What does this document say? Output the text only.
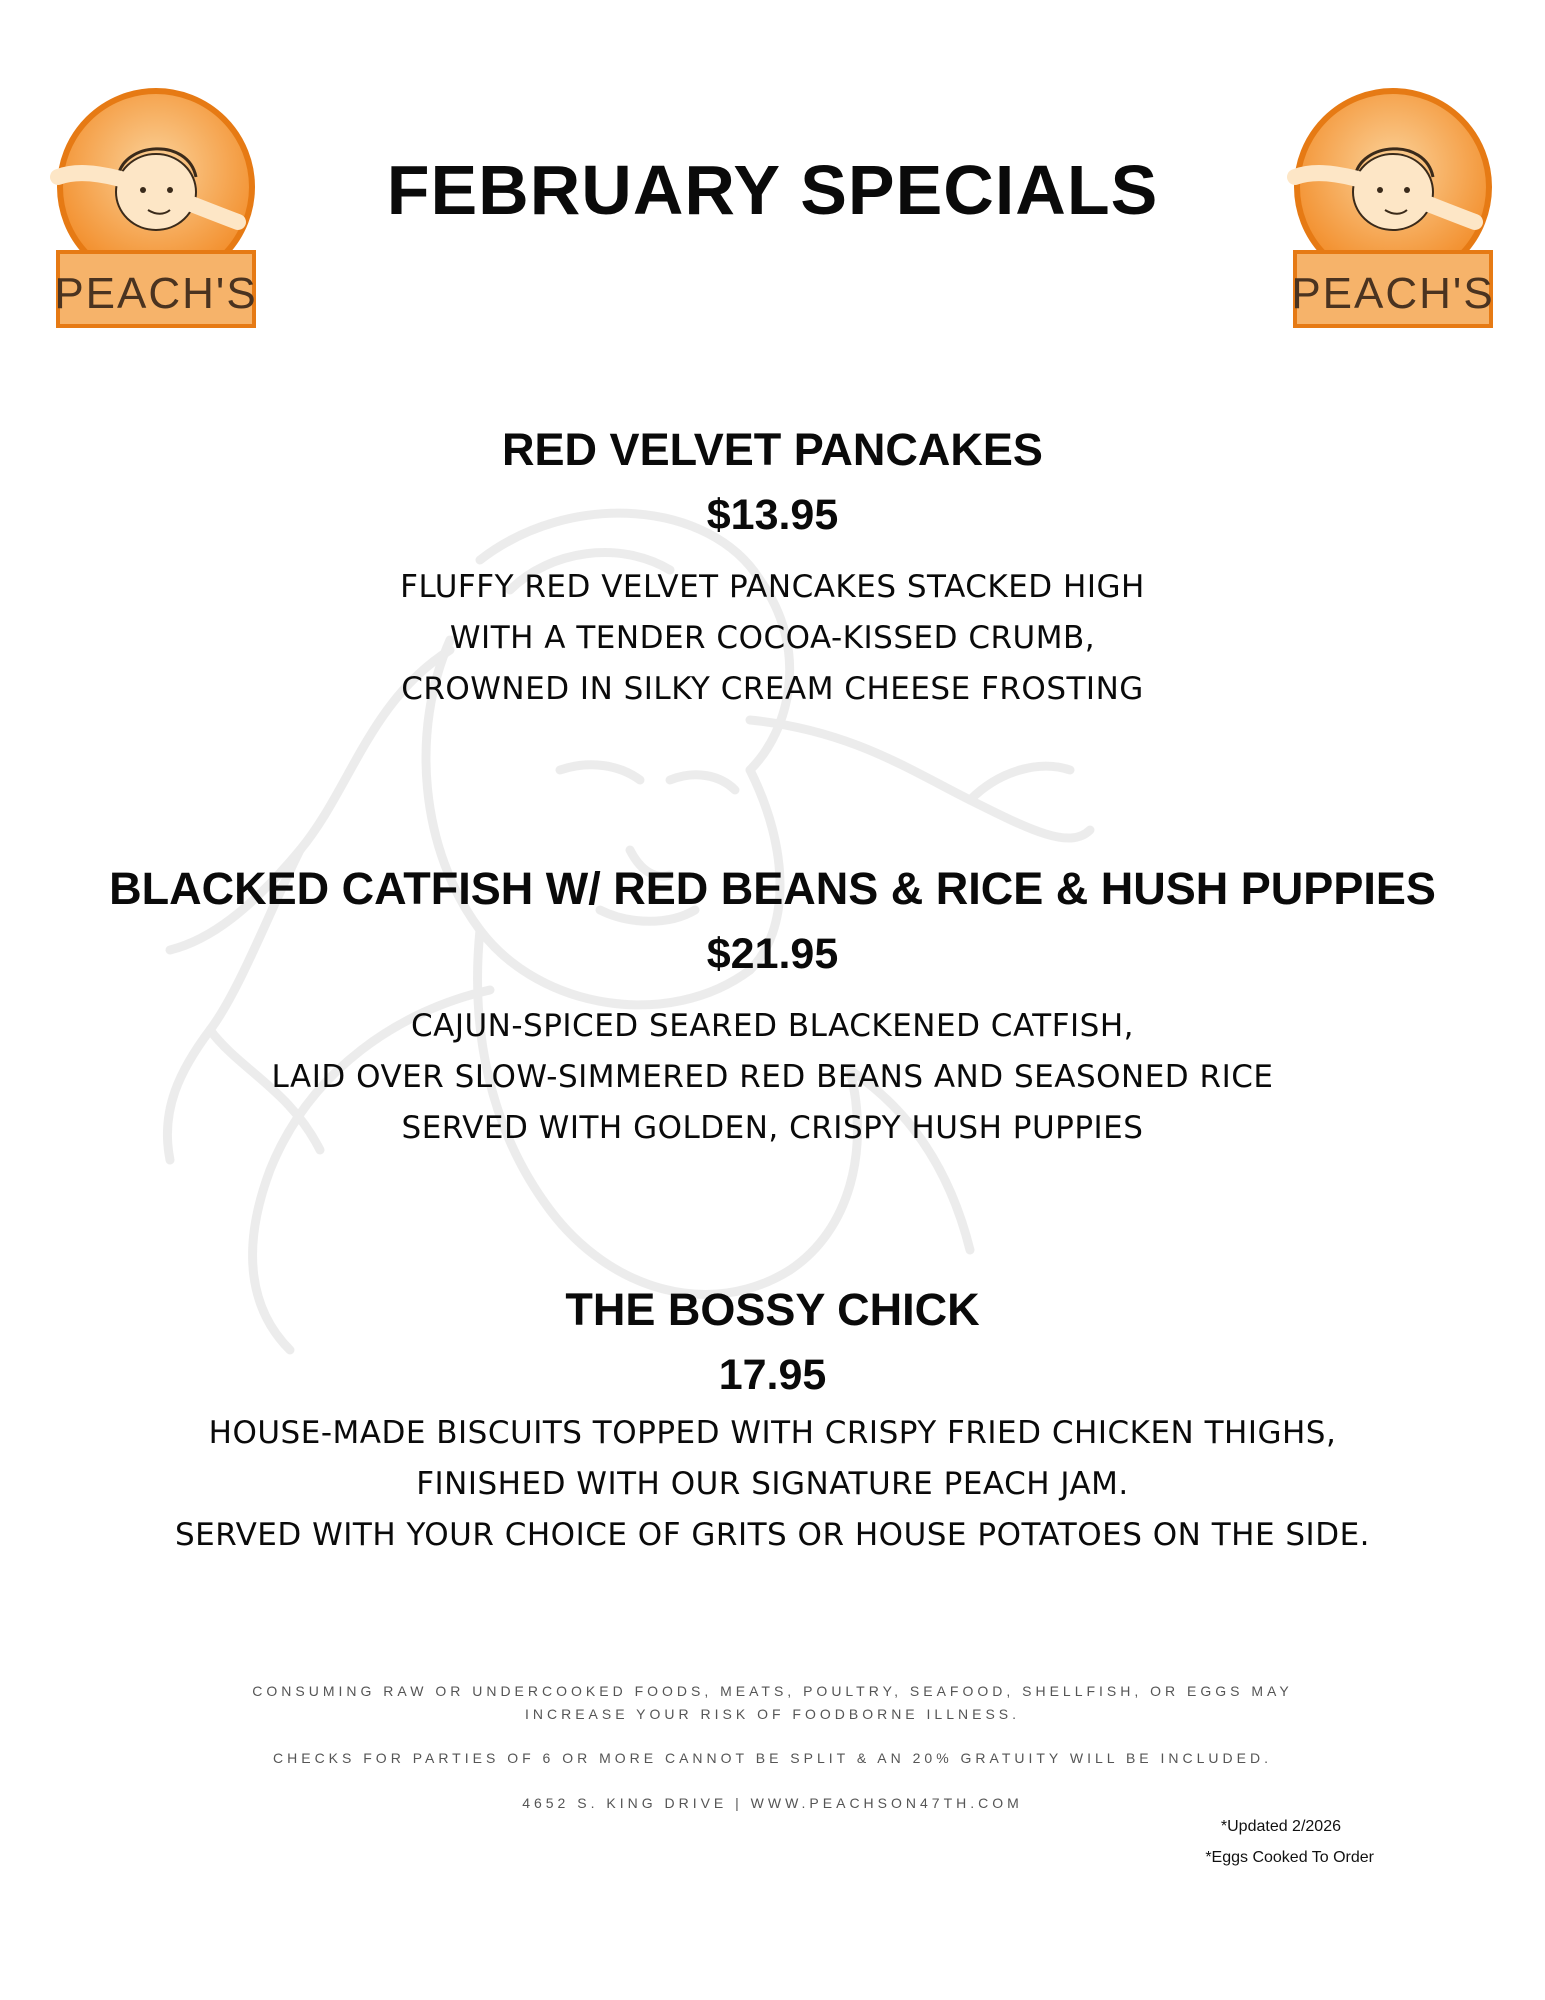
PEACH'S	PEACH'S
FEBRUARY SPECIALS
RED VELVET PANCAKES
$13.95
FLUFFY RED VELVET PANCAKES STACKED HIGH
WITH A TENDER COCOA-KISSED CRUMB,
CROWNED IN SILKY CREAM CHEESE FROSTING
BLACKED CATFISH W/ RED BEANS & RICE & HUSH PUPPIES
$21.95
CAJUN-SPICED SEARED BLACKENED CATFISH,
LAID OVER SLOW-SIMMERED RED BEANS AND SEASONED RICE
SERVED WITH GOLDEN, CRISPY HUSH PUPPIES
THE BOSSY CHICK
17.95
HOUSE-MADE BISCUITS TOPPED WITH CRISPY FRIED CHICKEN THIGHS,
FINISHED WITH OUR SIGNATURE PEACH JAM.
SERVED WITH YOUR CHOICE OF GRITS OR HOUSE POTATOES ON THE SIDE.
CONSUMING RAW OR UNDERCOOKED FOODS, MEATS, POULTRY, SEAFOOD, SHELLFISH, OR EGGS MAY
INCREASE YOUR RISK OF FOODBORNE ILLNESS.
CHECKS FOR PARTIES OF 6 OR MORE CANNOT BE SPLIT & AN 20% GRATUITY WILL BE INCLUDED.
4652 S. KING DRIVE | WWW.PEACHSON47TH.COM
*Updated 2/2026
*Eggs Cooked To Order
